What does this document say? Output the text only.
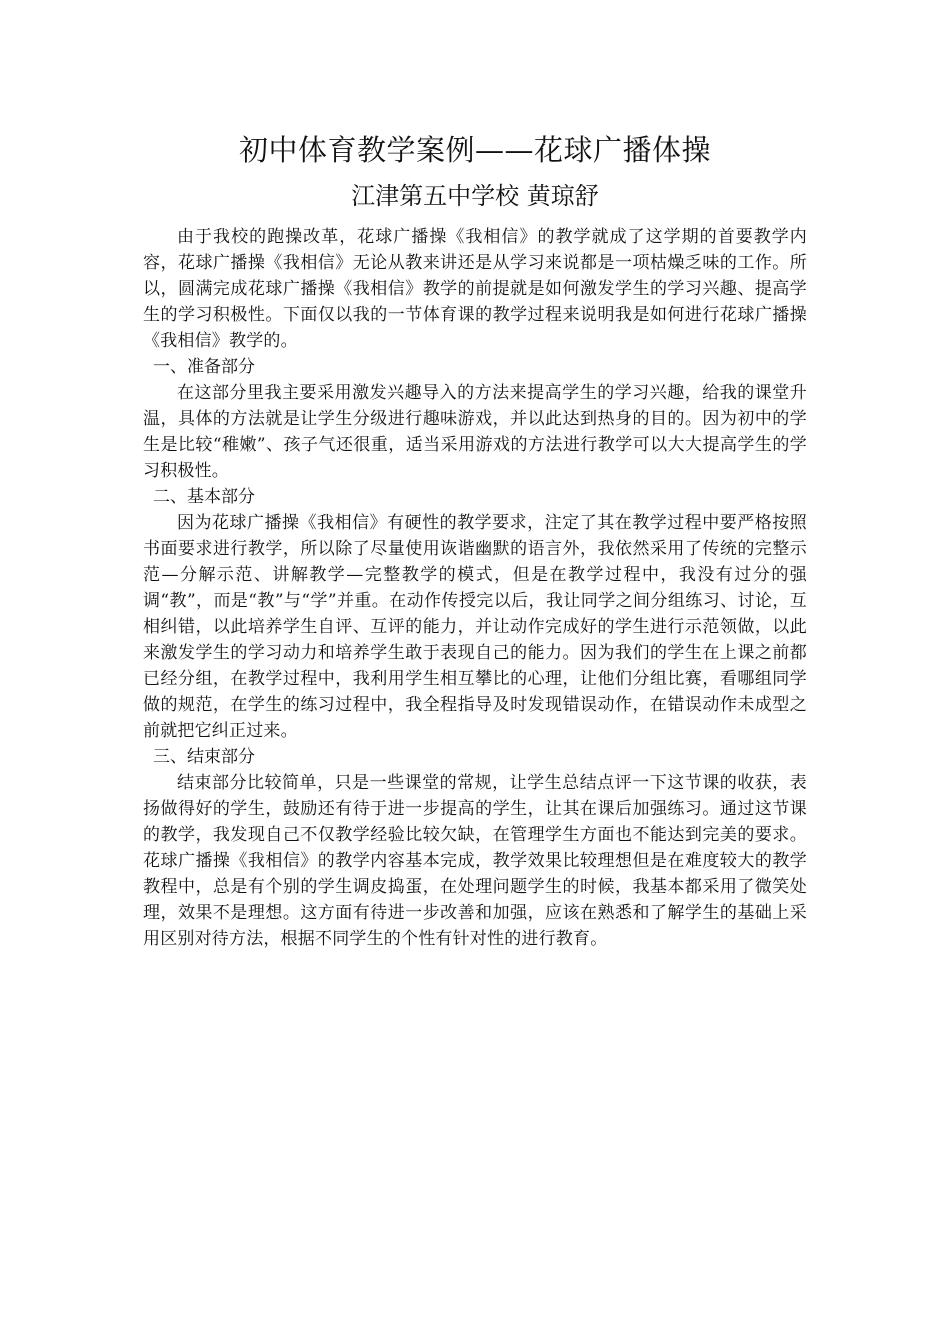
初中体育教学案例——花球广播体操
江津第五中学校 黄琼舒

由于我校的跑操改革，花球广播操《我相信》的教学就成了这学期的首要教学内容，花球广播操《我相信》无论从教来讲还是从学习来说都是一项枯燥乏味的工作。所以，圆满完成花球广播操《我相信》教学的前提就是如何激发学生的学习兴趣、提高学生的学习积极性。下面仅以我的一节体育课的教学过程来说明我是如何进行花球广播操《我相信》教学的。

一、准备部分

在这部分里我主要采用激发兴趣导入的方法来提高学生的学习兴趣，给我的课堂升温，具体的方法就是让学生分级进行趣味游戏，并以此达到热身的目的。因为初中的学生是比较“稚嫩”、孩子气还很重，适当采用游戏的方法进行教学可以大大提高学生的学习积极性。

二、基本部分

因为花球广播操《我相信》有硬性的教学要求，注定了其在教学过程中要严格按照书面要求进行教学，所以除了尽量使用诙谐幽默的语言外，我依然采用了传统的完整示范—分解示范、讲解教学—完整教学的模式，但是在教学过程中，我没有过分的强调“教”，而是“教”与“学”并重。在动作传授完以后，我让同学之间分组练习、讨论，互相纠错，以此培养学生自评、互评的能力，并让动作完成好的学生进行示范领做，以此来激发学生的学习动力和培养学生敢于表现自己的能力。因为我们的学生在上课之前都已经分组，在教学过程中，我利用学生相互攀比的心理，让他们分组比赛，看哪组同学做的规范，在学生的练习过程中，我全程指导及时发现错误动作，在错误动作未成型之前就把它纠正过来。

三、结束部分

结束部分比较简单，只是一些课堂的常规，让学生总结点评一下这节课的收获，表扬做得好的学生，鼓励还有待于进一步提高的学生，让其在课后加强练习。通过这节课的教学，我发现自己不仅教学经验比较欠缺，在管理学生方面也不能达到完美的要求。花球广播操《我相信》的教学内容基本完成，教学效果比较理想但是在难度较大的教学教程中，总是有个别的学生调皮捣蛋，在处理问题学生的时候，我基本都采用了微笑处理，效果不是理想。这方面有待进一步改善和加强，应该在熟悉和了解学生的基础上采用区别对待方法，根据不同学生的个性有针对性的进行教育。
